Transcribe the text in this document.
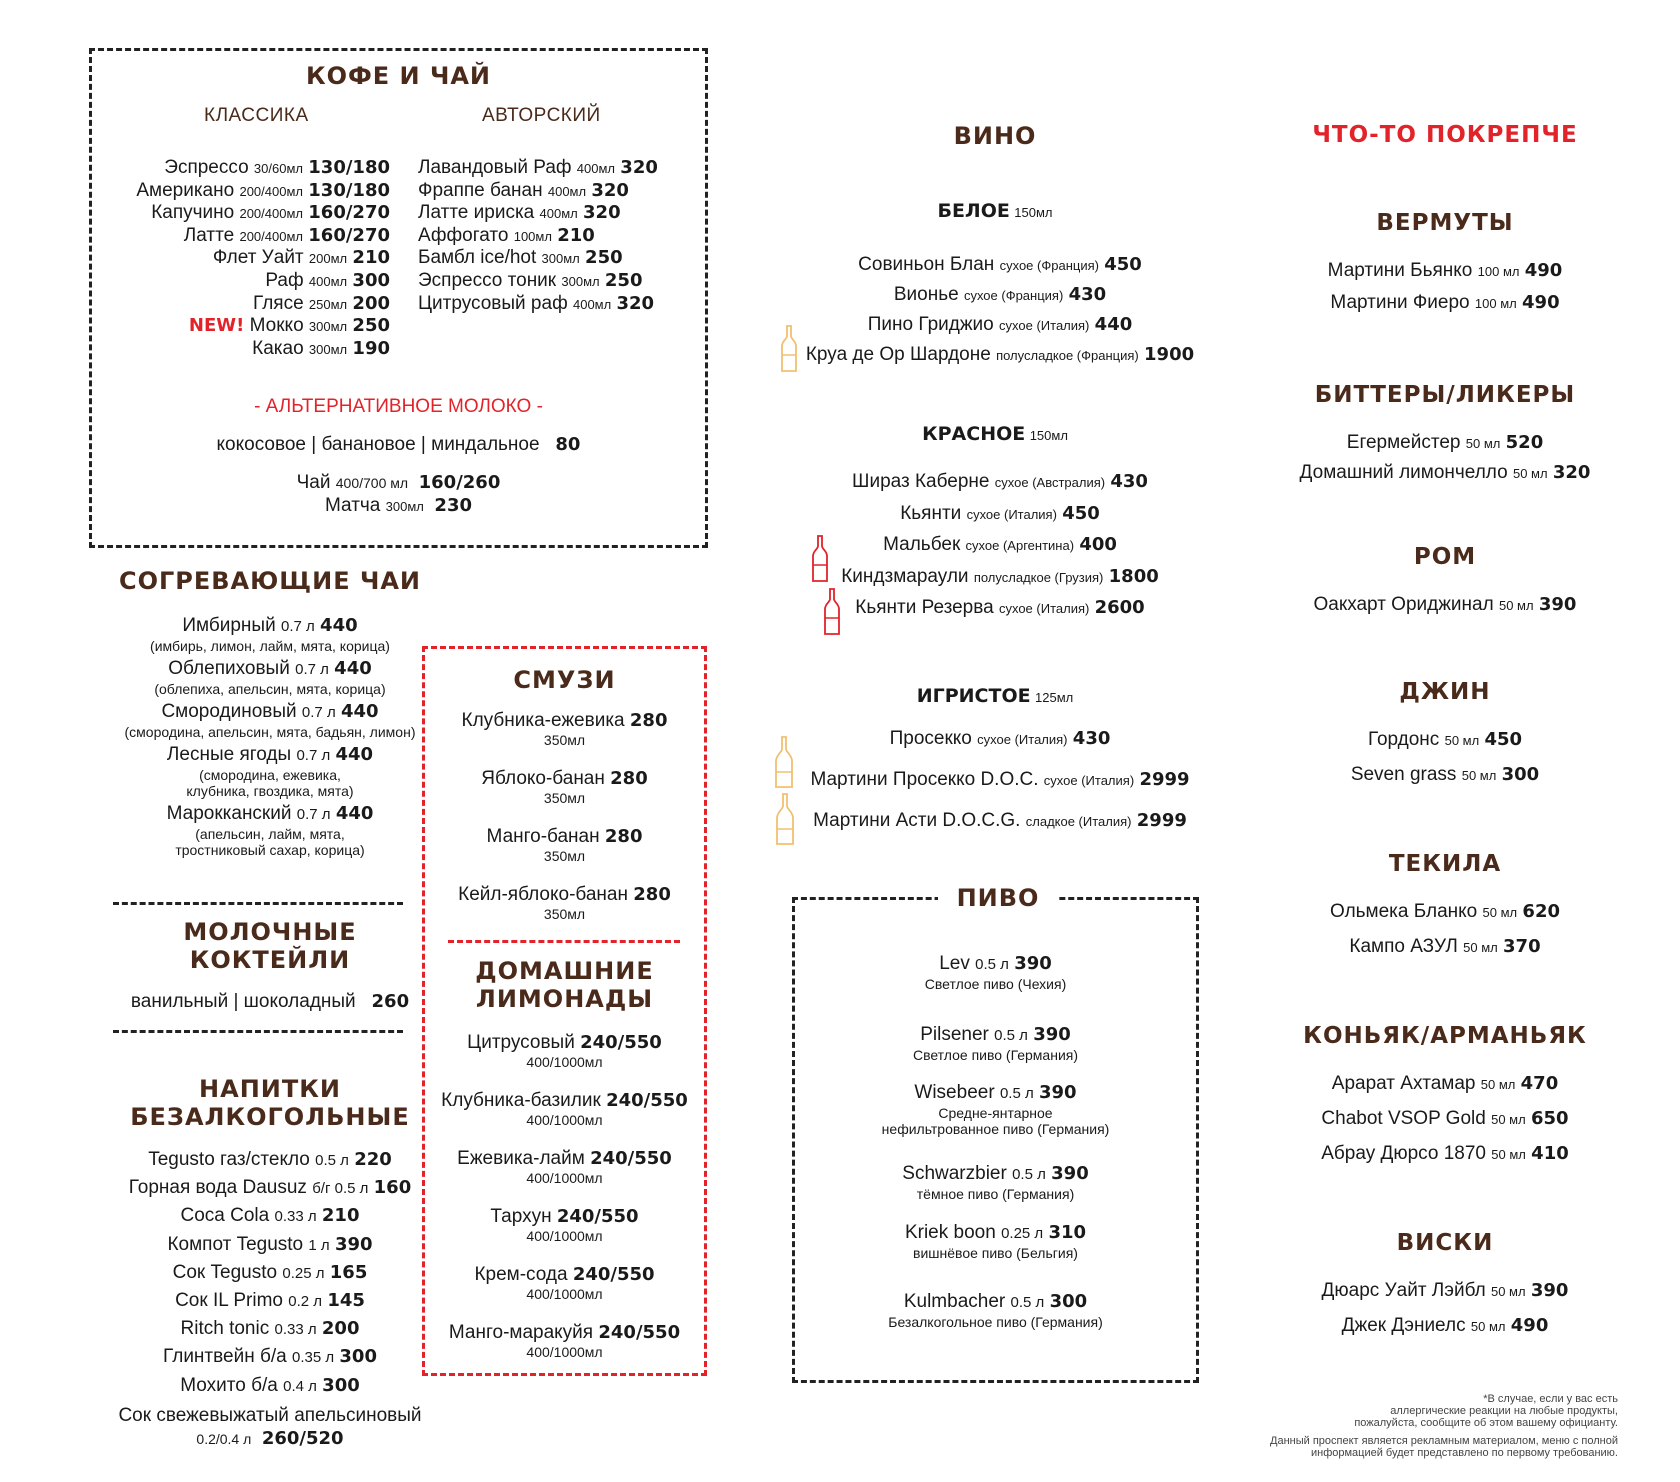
КОФЕ И ЧАЙ
КЛАССИКА	АВТОРСКИЙ
Эспрессо 30/60мл 130/180
Американо 200/400мл 130/180
Капучино 200/400мл 160/270
Латте 200/400мл 160/270
Флет Уайт 200мл 210
Раф 400мл 300
Глясе 250мл 200
NEW! Мокко 300мл 250
Какао 300мл 190
Лавандовый Раф 400мл 320
Фраппе банан 400мл 320
Латте ириска 400мл 320
Аффогато 100мл 210
Бамбл ice/hot 300мл 250
Эспрессо тоник 300мл 250
Цитрусовый раф 400мл 320
- АЛЬТЕРНАТИВНОЕ МОЛОКО -
кокосовое | банановое | миндальное 80
Чай 400/700 мл 160/260
Матча 300мл 230
СОГРЕВАЮЩИЕ ЧАИ
Имбирный 0.7 л 440
(имбирь, лимон, лайм, мята, корица)
Облепиховый 0.7 л 440
(облепиха, апельсин, мята, корица)
Смородиновый 0.7 л 440
(смородина, апельсин, мята, бадьян, лимон)
Лесные ягоды 0.7 л 440
(смородина, ежевика,
клубника, гвоздика, мята)
Марокканский 0.7 л 440
(апельсин, лайм, мята,
тростниковый сахар, корица)
МОЛОЧНЫЕ
КОКТЕЙЛИ
ванильный | шоколадный 260
НАПИТКИ
БЕЗАЛКОГОЛЬНЫЕ
Tegusto газ/стекло 0.5 л 220
Горная вода Dausuz б/г 0.5 л 160
Coca Cola 0.33 л 210
Компот Tegusto 1 л 390
Сок Tegusto 0.25 л 165
Сок IL Primo 0.2 л 145
Ritch tonic 0.33 л 200
Глинтвейн б/а 0.35 л 300
Мохито б/а 0.4 л 300
Сок свежевыжатый апельсиновый
0.2/0.4 л 260/520
СМУЗИ
Клубника-ежевика 280
350мл
Яблоко-банан 280
350мл
Манго-банан 280
350мл
Кейл-яблоко-банан 280
350мл
ДОМАШНИЕ
ЛИМОНАДЫ
Цитрусовый 240/550
400/1000мл
Клубника-базилик 240/550
400/1000мл
Ежевика-лайм 240/550
400/1000мл
Тархун 240/550
400/1000мл
Крем-сода 240/550
400/1000мл
Манго-маракуйя 240/550
400/1000мл
ВИНО
БЕЛОЕ 150мл
Совиньон Блан сухое (Франция) 450
Вионье сухое (Франция) 430
Пино Гриджио сухое (Италия) 440
Круа де Ор Шардоне полусладкое (Франция) 1900
КРАСНОЕ 150мл
Шираз Каберне сухое (Австралия) 430
Кьянти сухое (Италия) 450
Мальбек сухое (Аргентина) 400
Киндзмараули полусладкое (Грузия) 1800
Кьянти Резерва сухое (Италия) 2600
ИГРИСТОЕ 125мл
Просекко сухое (Италия) 430
Мартини Просекко D.O.C. сухое (Италия) 2999
Мартини Асти D.O.C.G. сладкое (Италия) 2999
ПИВО
Lev 0.5 л 390
Светлое пиво (Чехия)
Pilsener 0.5 л 390
Светлое пиво (Германия)
Wisebeer 0.5 л 390
Средне-янтарное
нефильтрованное пиво (Германия)
Schwarzbier 0.5 л 390
тёмное пиво (Германия)
Kriek boon 0.25 л 310
вишнёвое пиво (Бельгия)
Kulmbacher 0.5 л 300
Безалкогольное пиво (Германия)
ЧТО-ТО ПОКРЕПЧЕ
ВЕРМУТЫ
Мартини Бьянко 100 мл 490
Мартини Фиеро 100 мл 490
БИТТЕРЫ/ЛИКЕРЫ
Егермейстер 50 мл 520
Домашний лимончелло 50 мл 320
РОМ
Оакхарт Ориджинал 50 мл 390
ДЖИН
Гордонс 50 мл 450
Seven grass 50 мл 300
ТЕКИЛА
Ольмека Бланко 50 мл 620
Кампо АЗУЛ 50 мл 370
КОНЬЯК/АРМАНЬЯК
Арарат Ахтамар 50 мл 470
Chabot VSOP Gold 50 мл 650
Абрау Дюрсо 1870 50 мл 410
ВИСКИ
Дюарс Уайт Лэйбл 50 мл 390
Джек Дэниелс 50 мл 490
*В случае, если у вас есть
аллергические реакции на любые продукты,
пожалуйста, сообщите об этом вашему официанту.
Данный проспект является рекламным материалом, меню с полной
информацией будет представлено по первому требованию.
